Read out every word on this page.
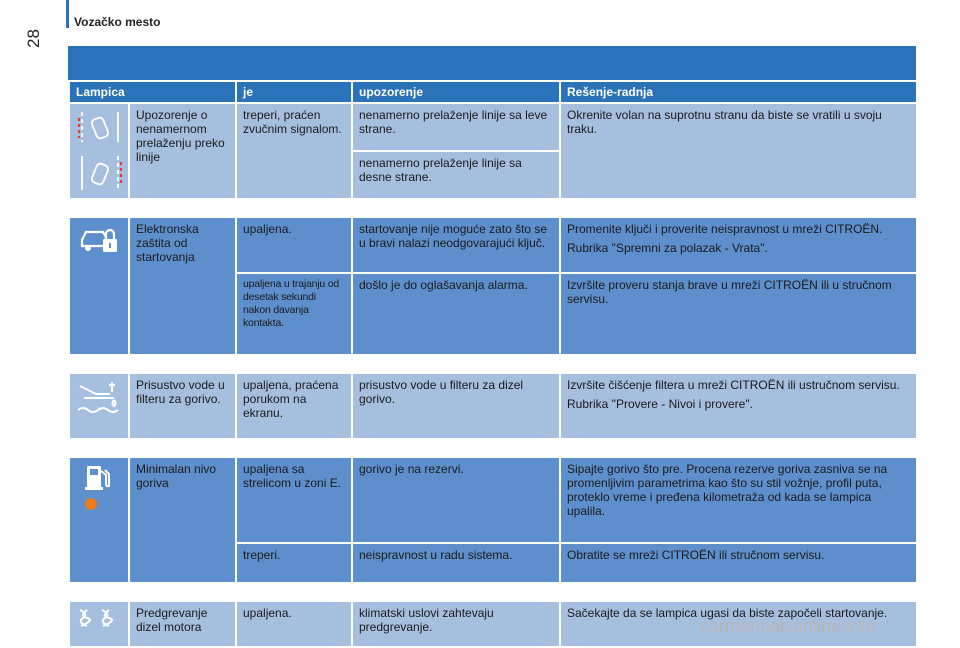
Vozačko mesto
28
Lampica		je	upozorenje	Rešenje-radnja

	Upozorenje o nenamernom prelaženju preko linije	treperi, praćen zvučnim signalom.	nenamerno prelaženje linije sa leve strane.	Okrenite volan na suprotnu stranu da biste se vratili u svoju traku.
			nenamerno prelaženje linije sa desne strane.	

	Elektronska zaštita od startovanja	upaljena.	startovanje nije moguće zato što se u bravi nalazi neodgovarajući ključ.	Promenite ključi i proverite neispravnost u mreži CITROËN.

Rubrika "Spremni za polazak - Vrata".

		upaljena u trajanju od desetak sekundi nakon davanja kontakta.	došlo je do oglašavanja alarma.	Izvršite proveru stanja brave u mreži CITROËN ili u stručnom servisu.

	Prisustvo vode u filteru za gorivo.	upaljena, praćena porukom na ekranu.	prisustvo vode u filteru za dizel gorivo.	Izvršite čišćenje filtera u mreži CITROËN ili ustručnom servisu.

Rubrika "Provere - Nivoi i provere".

	Minimalan nivo goriva	upaljena sa strelicom u zoni E.	gorivo je na rezervi.	Sipajte gorivo što pre. Procena rezerve goriva zasniva se na promenljivim parametrima kao što su stil vožnje, profil puta, proteklo vreme i pređena kilometraža od kada se lampica upalila.
		treperi.	neispravnost u radu sistema.	Obratite se mreži CITROËN ili stručnom servisu.

	Predgrevanje dizel motora	upaljena.	klimatski uslovi zahtevaju predgrevanje.	Sačekajte da se lampica ugasi da biste započeli startovanje.
carmanualsonline.info
